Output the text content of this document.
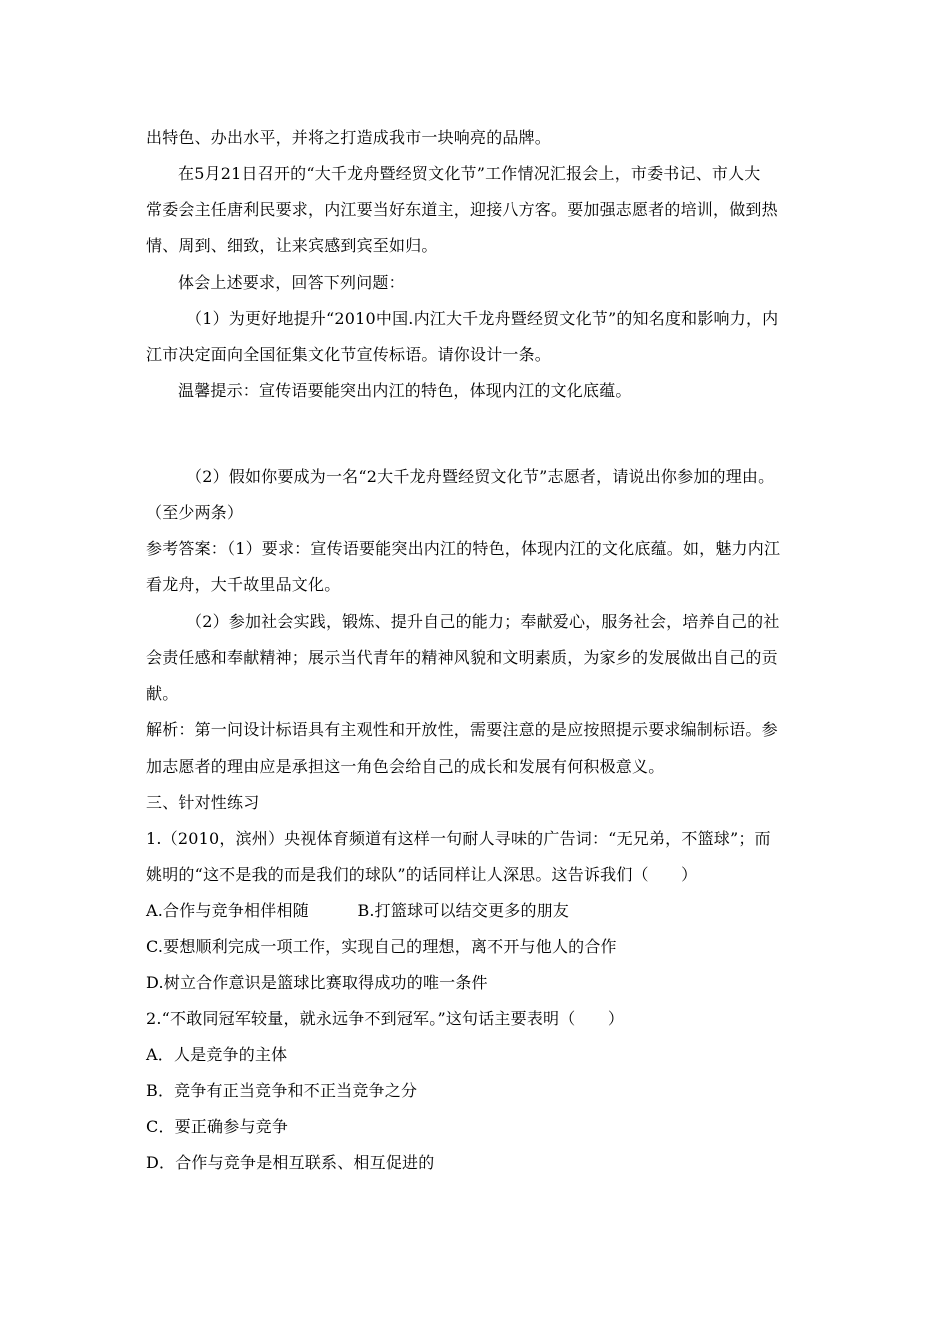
出特色、办出水平，并将之打造成我市一块响亮的品牌。
在5月21日召开的“大千龙舟暨经贸文化节”工作情况汇报会上，市委书记、市人大
常委会主任唐利民要求，内江要当好东道主，迎接八方客。要加强志愿者的培训，做到热
情、周到、细致，让来宾感到宾至如归。
体会上述要求，回答下列问题：
（1）为更好地提升“2010中国.内江大千龙舟暨经贸文化节”的知名度和影响力，内
江市决定面向全国征集文化节宣传标语。请你设计一条。
温馨提示：宣传语要能突出内江的特色，体现内江的文化底蕴。
（2）假如你要成为一名“2大千龙舟暨经贸文化节”志愿者，请说出你参加的理由。
（至少两条）
参考答案：（1）要求：宣传语要能突出内江的特色，体现内江的文化底蕴。如，魅力内江
看龙舟，大千故里品文化。
（2）参加社会实践，锻炼、提升自己的能力；奉献爱心，服务社会，培养自己的社
会责任感和奉献精神；展示当代青年的精神风貌和文明素质，为家乡的发展做出自己的贡
献。
解析：第一问设计标语具有主观性和开放性，需要注意的是应按照提示要求编制标语。参
加志愿者的理由应是承担这一角色会给自己的成长和发展有何积极意义。
三、针对性练习
1.（2010，滨州）央视体育频道有这样一句耐人寻味的广告词：“无兄弟，不篮球”；而
姚明的“这不是我的而是我们的球队”的话同样让人深思。这告诉我们（　　）
A.合作与竞争相伴相随　　　B.打篮球可以结交更多的朋友
C.要想顺利完成一项工作，实现自己的理想，离不开与他人的合作
D.树立合作意识是篮球比赛取得成功的唯一条件
2.“不敢同冠军较量，就永远争不到冠军。”这句话主要表明（　　）
A．人是竞争的主体
B．竞争有正当竞争和不正当竞争之分
C．要正确参与竞争
D．合作与竞争是相互联系、相互促进的
